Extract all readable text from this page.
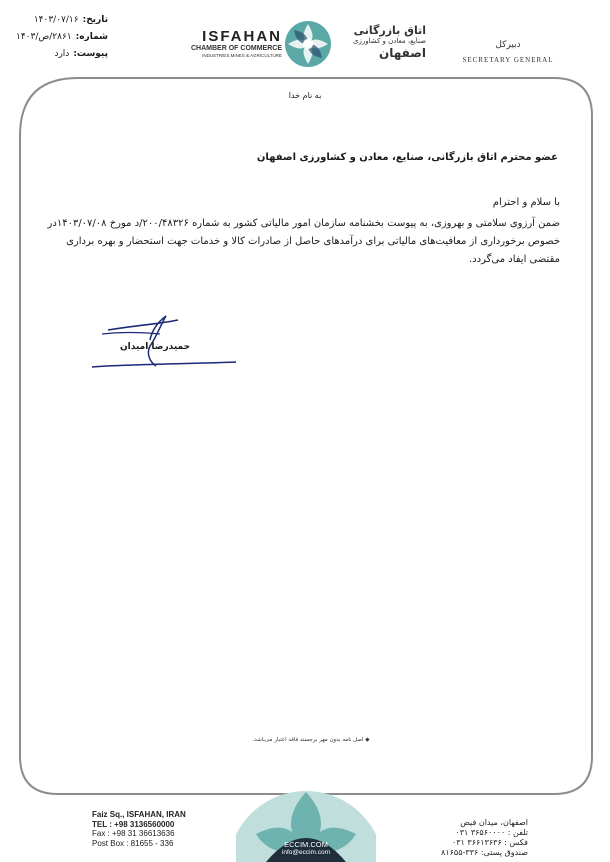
تاریخ:
۱۴۰۳/۰۷/۱۶
شماره:
۲۸۶۱/ص/۱۴۰۳
پیوست:
دارد
ISFAHAN
CHAMBER OF COMMERCE
INDUSTRIES,MINES & AGRICULTURE
اتاق بازرگانی
صنایع، معادن و کشاورزی
اصفهان
دبیرکل
SECRETARY GENERAL
به نام خدا
عضو محترم اتاق بازرگانی، صنایع، معادن و کشاورزی اصفهان

با سلام و احترام

ضمن آرزوی سلامتی و بهروزی، به پیوست بخشنامه سازمان امور مالیاتی کشور به شماره ۲۰۰/۴۸۳۲۶/د مورخ ۱۴۰۳/۰۷/۰۸در خصوص برخورداری از معافیت‌های مالیاتی برای درآمدهای حاصل از صادرات کالا و خدمات جهت استحضار و بهره برداری مقتضی ایفاد می‌گردد.

حمیدرضا امیدان
◆ اصل نامه بدون مهر برجسته فاقد اعتبار می‌باشد.
ECCIM.COM
info@eccim.com
Faiz Sq., ISFAHAN, IRAN
TEL : +98 3136560000
Fax : +98 31 36613636
Post Box : 81655 - 336
اصفهان، میدان فیض
تلفن : ۳۶۵۶۰۰۰۰ ۰۳۱
فکس : ۳۶۶۱۳۶۳۶ ۰۳۱
صندوق پستی: ۳۳۶-۸۱۶۵۵
